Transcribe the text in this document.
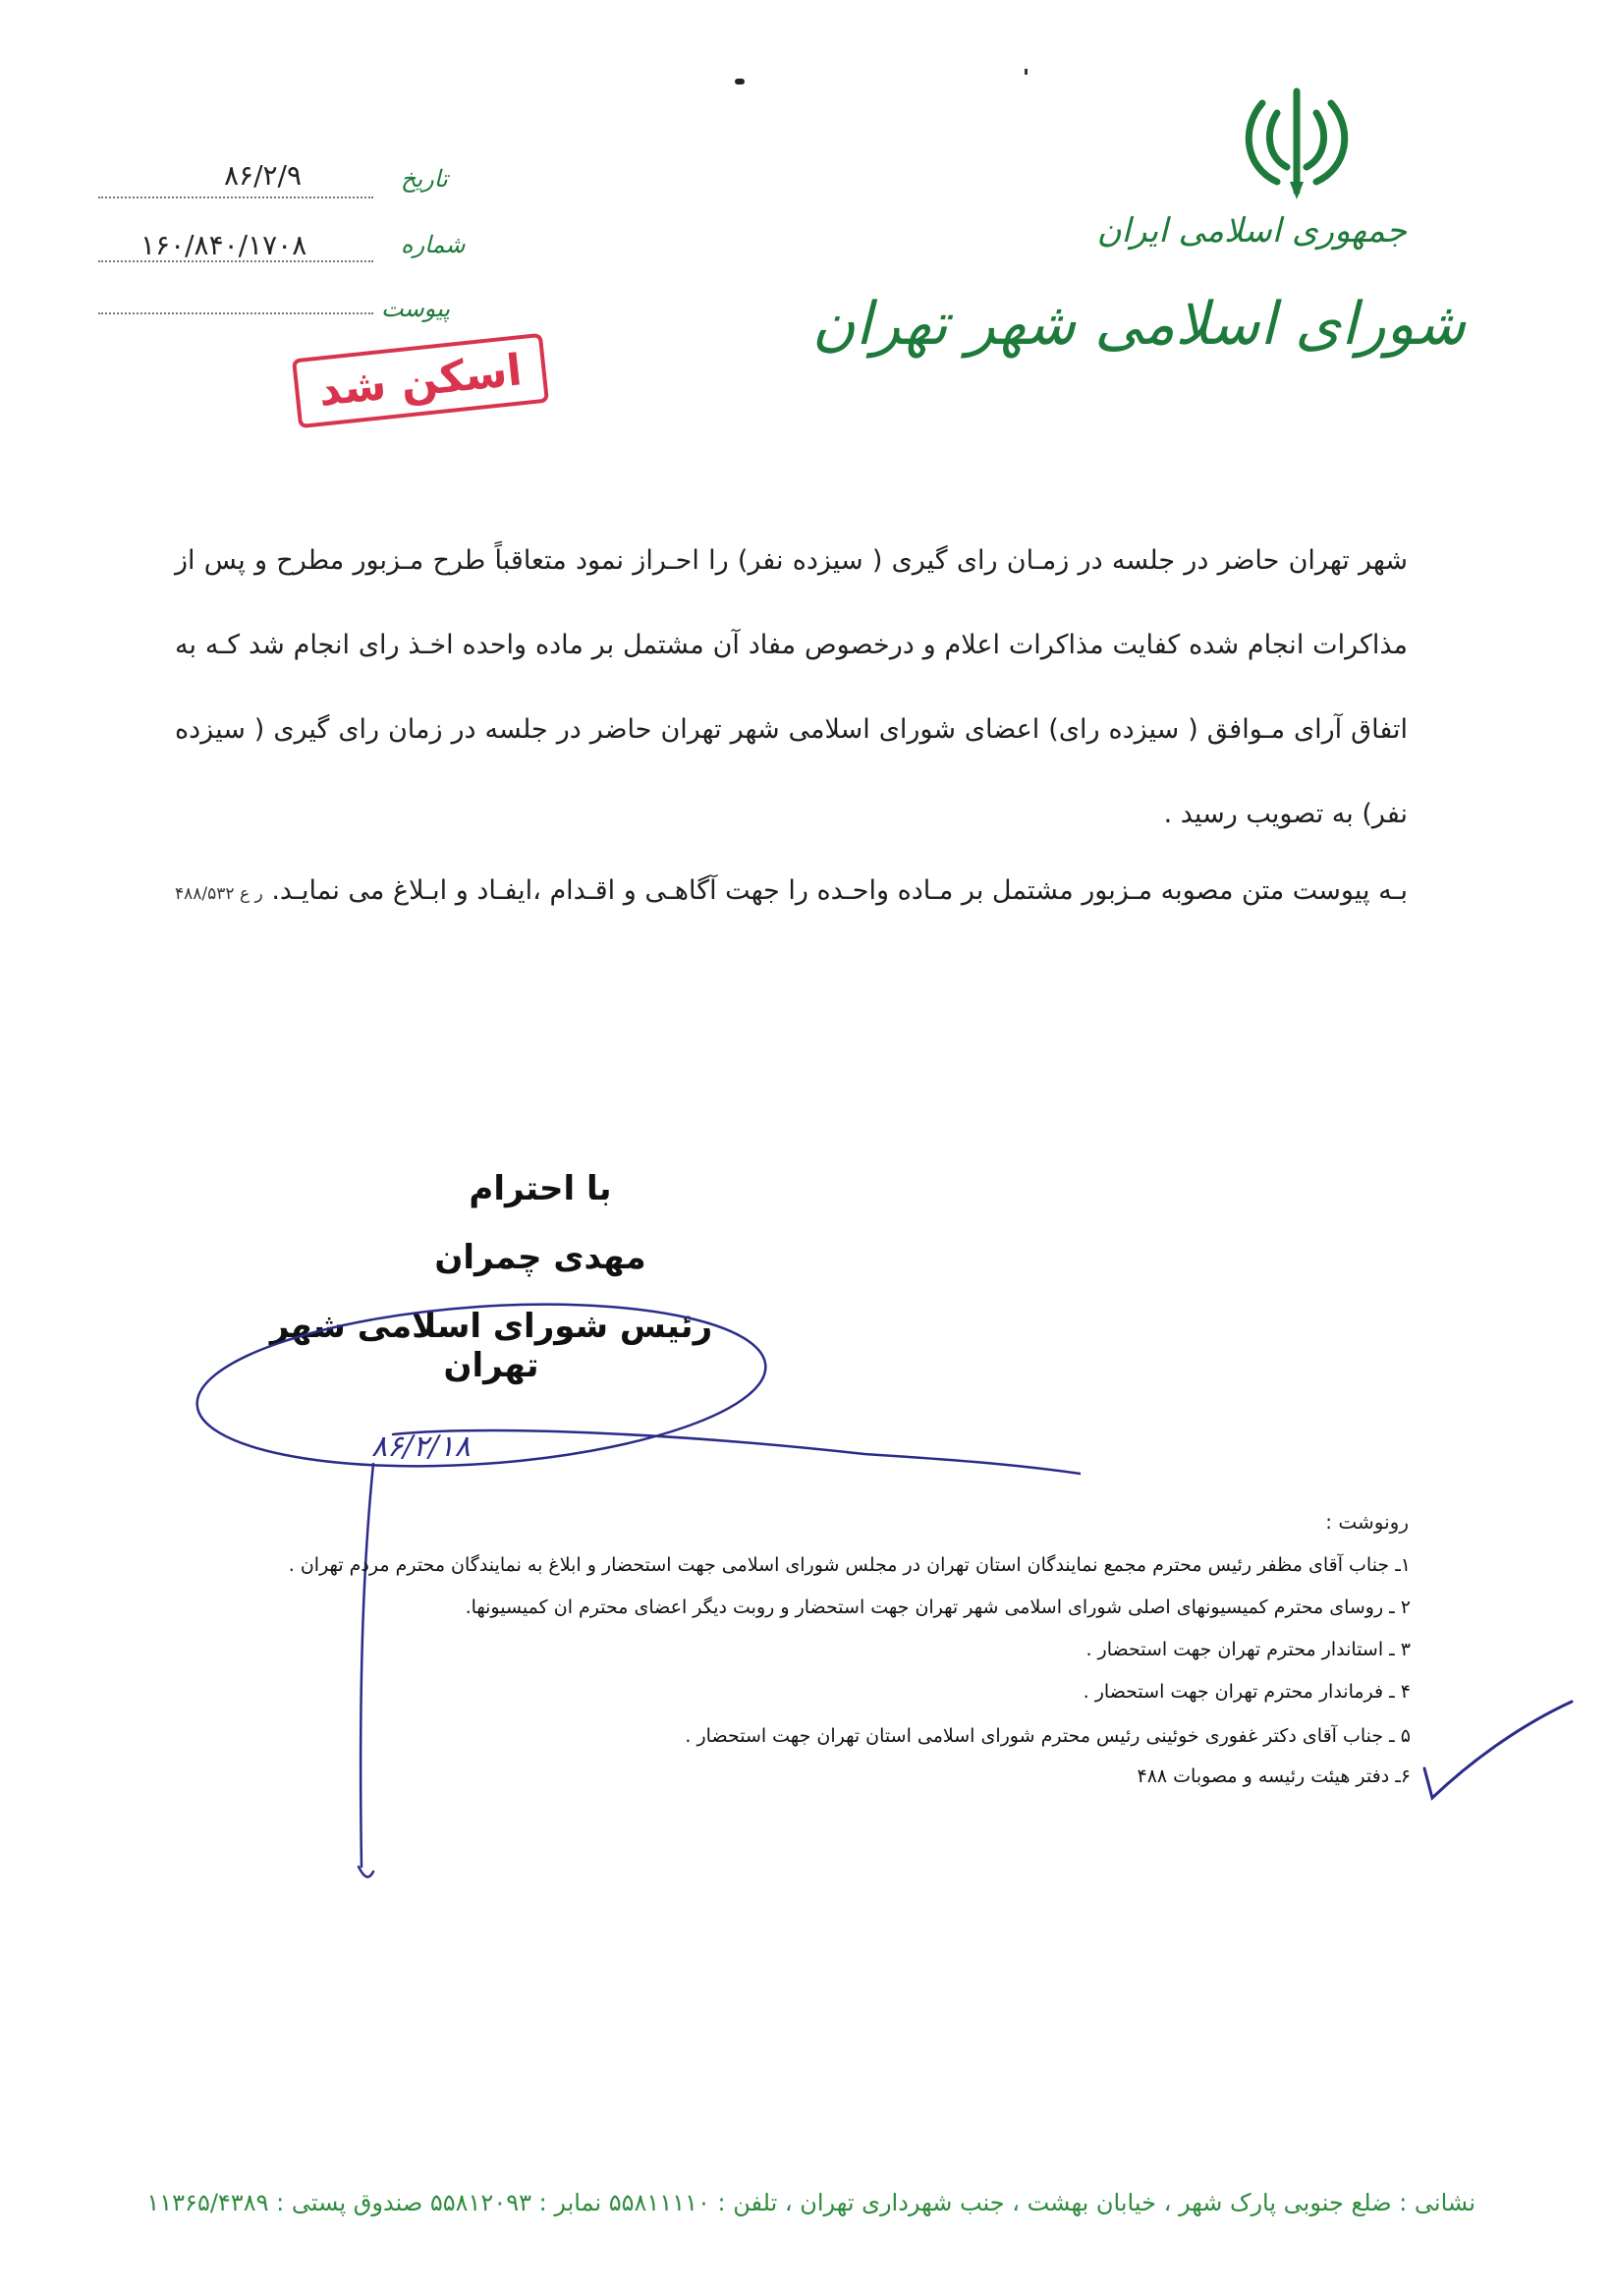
جمهوری اسلامی ایران
شورای اسلامی شهر تهران
تاریخ
۸۶/۲/۹
شماره
۱۶۰/۸۴۰/۱۷۰۸
پیوست
اسکن شد
شهر تهران حاضر در جلسه در زمـان رای گیری ( سیزده نفر) را احـراز نمود متعاقباً طرح مـزبور مطرح و پس از مذاکرات انجام شده کفایت مذاکرات اعلام و درخصوص مفاد آن مشتمل بر ماده واحده اخـذ رای انجام شد کـه به اتفاق آرای مـوافق ( سیزده رای) اعضای شورای اسلامی شهر تهران حاضر در جلسه در زمان رای گیری ( سیزده نفر) به تصویب رسید .
بـه پیوست متن مصوبه مـزبور مشتمل بر مـاده واحـده را جهت آگاهـی و اقـدام ،ایفـاد و ابـلاغ می نمایـد. ر ع ۴۸۸/۵۳۲
با احترام
مهدی چمران
رئیس شورای اسلامی شهر تهران
۸۶/۲/۱۸
رونوشت :
۱ـ جناب آقای مظفر رئیس محترم مجمع نمایندگان استان تهران در مجلس شورای اسلامی جهت استحضار و ابلاغ به نمایندگان محترم مردم تهران .
۲ ـ روسای محترم کمیسیونهای اصلی شورای اسلامی شهر تهران جهت استحضار و روبت دیگر اعضای محترم ان کمیسیونها.
۳ ـ استاندار محترم تهران جهت استحضار .
۴ ـ فرماندار محترم تهران جهت استحضار .
۵ ـ جناب آقای دکتر غفوری خوئینی رئیس محترم شورای اسلامی استان تهران جهت استحضار .
۶ـ دفتر هیئت رئیسه و مصوبات ۴۸۸
نشانی : ضلع جنوبی پارک شهر ، خیابان بهشت ، جنب شهرداری تهران ، تلفن : ۵۵۸۱۱۱۱۰ نمابر : ۵۵۸۱۲۰۹۳ صندوق پستی : ۱۱۳۶۵/۴۳۸۹
